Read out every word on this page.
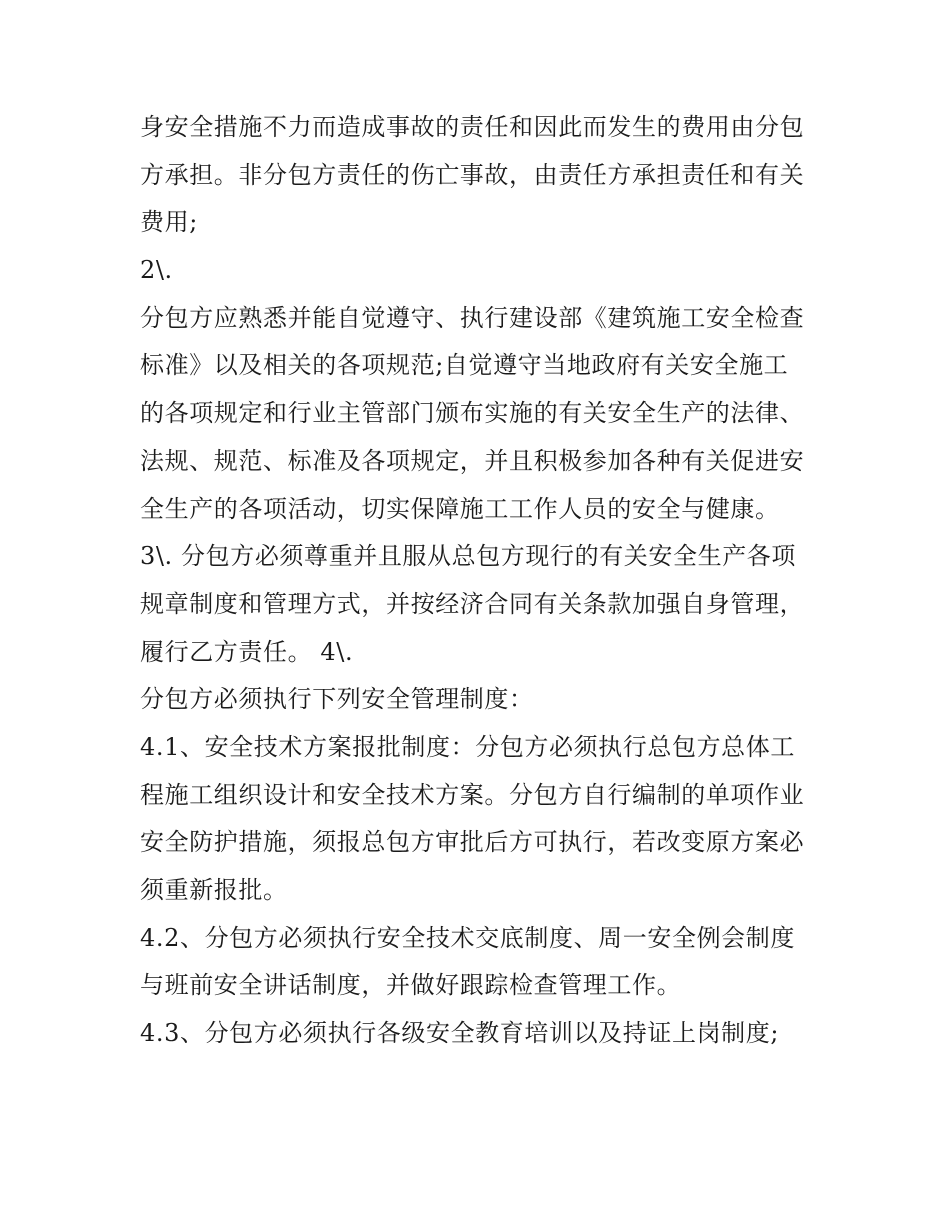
身安全措施不力而造成事故的责任和因此而发生的费用由分包
方承担。非分包方责任的伤亡事故，由责任方承担责任和有关
费用;
2\.
分包方应熟悉并能自觉遵守、执行建设部《建筑施工安全检查
标准》以及相关的各项规范;自觉遵守当地政府有关安全施工
的各项规定和行业主管部门颁布实施的有关安全生产的法律、
法规、规范、标准及各项规定，并且积极参加各种有关促进安
全生产的各项活动，切实保障施工工作人员的安全与健康。
3\. 分包方必须尊重并且服从总包方现行的有关安全生产各项
规章制度和管理方式，并按经济合同有关条款加强自身管理，
履行乙方责任。 4\.
分包方必须执行下列安全管理制度：
4.1、安全技术方案报批制度：分包方必须执行总包方总体工
程施工组织设计和安全技术方案。分包方自行编制的单项作业
安全防护措施，须报总包方审批后方可执行，若改变原方案必
须重新报批。
4.2、分包方必须执行安全技术交底制度、周一安全例会制度
与班前安全讲话制度，并做好跟踪检查管理工作。
4.3、分包方必须执行各级安全教育培训以及持证上岗制度;
